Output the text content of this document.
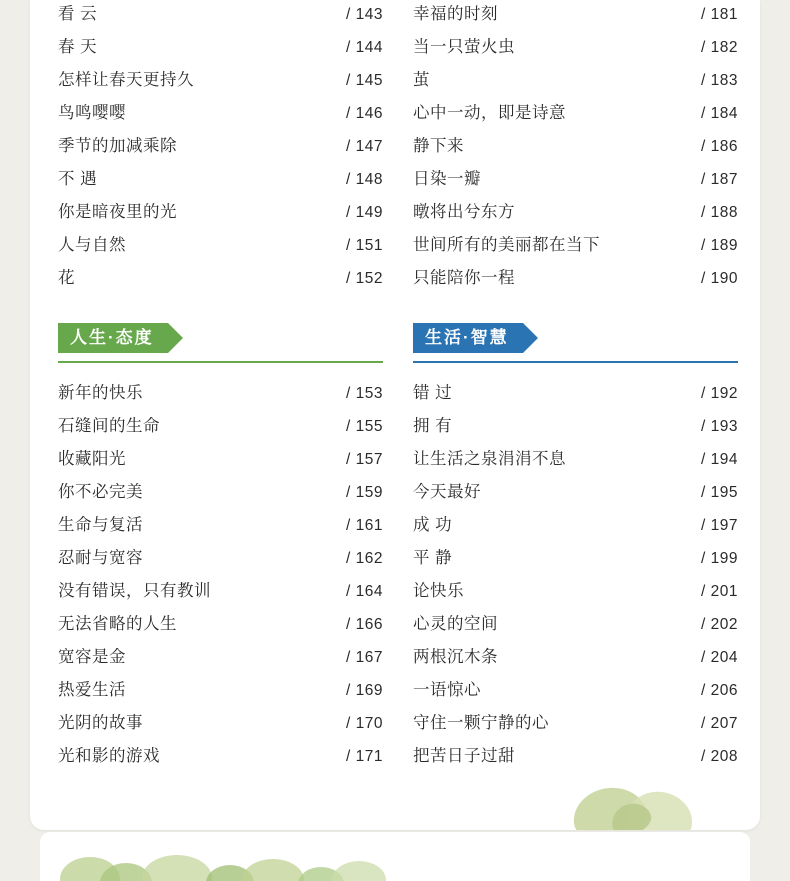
看 云	/ 143
春 天	/ 144
怎样让春天更持久	/ 145
鸟鸣嘤嘤	/ 146
季节的加减乘除	/ 147
不 遇	/ 148
你是暗夜里的光	/ 149
人与自然	/ 151
花	/ 152
幸福的时刻	/ 181
当一只萤火虫	/ 182
茧	/ 183
心中一动，即是诗意	/ 184
静下来	/ 186
日染一瓣	/ 187
暾将出兮东方	/ 188
世间所有的美丽都在当下	/ 189
只能陪你一程	/ 190
人生·态度
新年的快乐	/ 153
石缝间的生命	/ 155
收藏阳光	/ 157
你不必完美	/ 159
生命与复活	/ 161
忍耐与宽容	/ 162
没有错误，只有教训	/ 164
无法省略的人生	/ 166
宽容是金	/ 167
热爱生活	/ 169
光阴的故事	/ 170
光和影的游戏	/ 171
生活·智慧
错 过	/ 192
拥 有	/ 193
让生活之泉涓涓不息	/ 194
今天最好	/ 195
成 功	/ 197
平 静	/ 199
论快乐	/ 201
心灵的空间	/ 202
两根沉木条	/ 204
一语惊心	/ 206
守住一颗宁静的心	/ 207
把苦日子过甜	/ 208
